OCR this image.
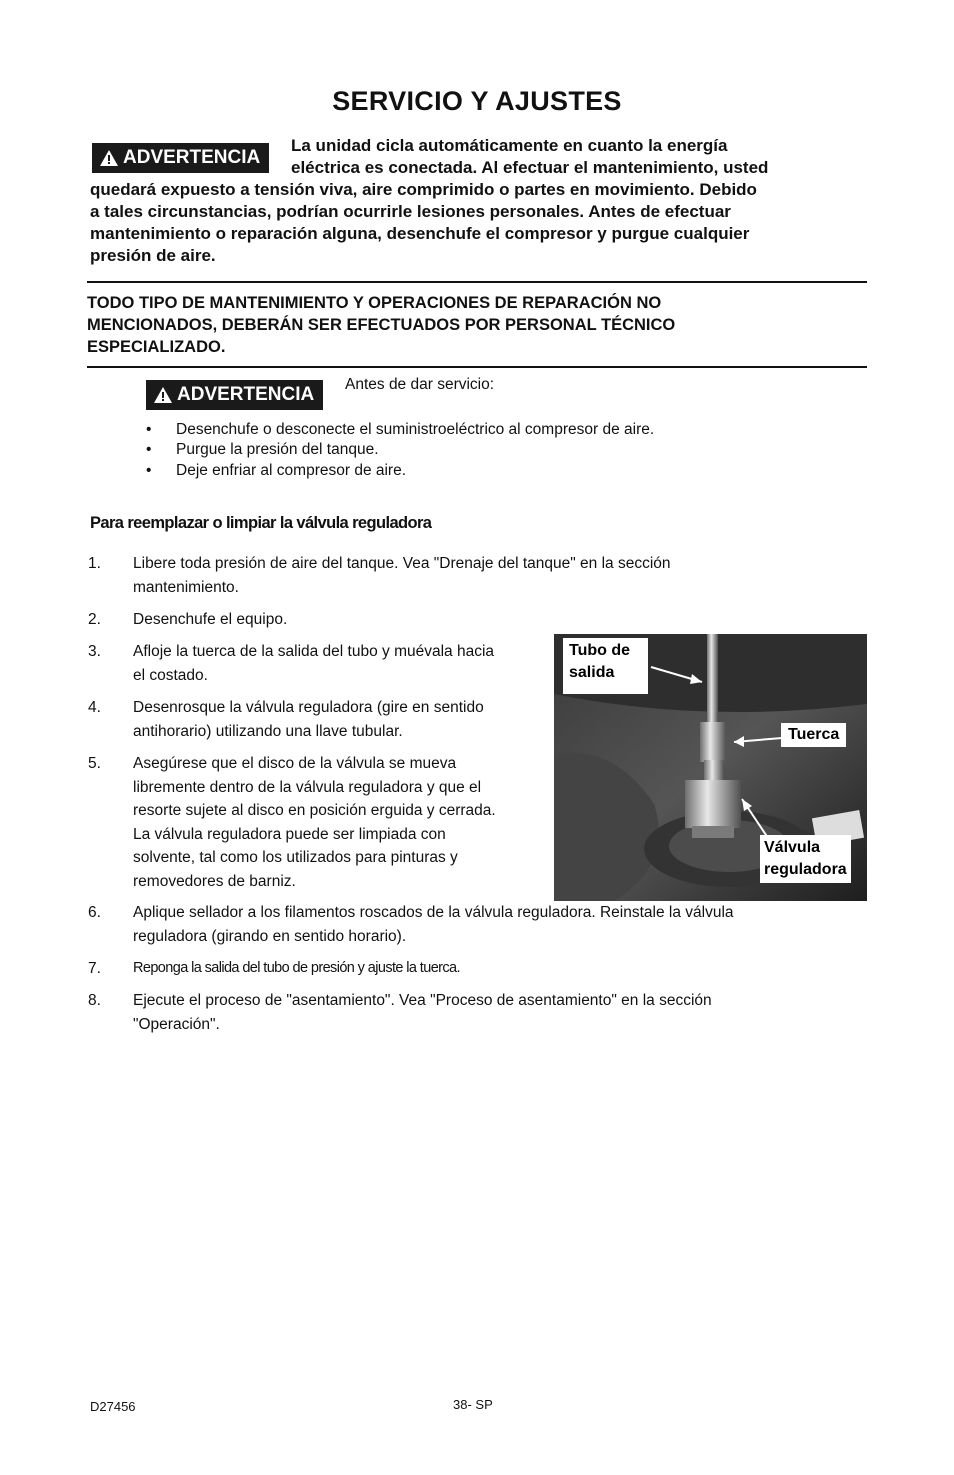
SERVICIO Y AJUSTES
ADVERTENCIA
La unidad cicla automáticamente en cuanto la energía
eléctrica es conectada. Al efectuar el mantenimiento, usted
quedará expuesto a tensión viva, aire comprimido o partes en movimiento. Debido
a tales circunstancias, podrían ocurrirle lesiones personales. Antes de efectuar
mantenimiento o reparación alguna, desenchufe el compresor y purgue cualquier
presión de aire.
TODO TIPO DE MANTENIMIENTO Y OPERACIONES DE REPARACIÓN NO
MENCIONADOS, DEBERÁN SER EFECTUADOS POR PERSONAL TÉCNICO
ESPECIALIZADO.
ADVERTENCIA Antes de dar servicio:
• Desenchufe o desconecte el suministroeléctrico al compresor de aire.
• Purgue la presión del tanque.
• Deje enfriar al compresor de aire.
Para reemplazar o limpiar la válvula reguladora
1. Libere toda presión de aire del tanque. Vea "Drenaje del tanque" en la sección
mantenimiento.
2. Desenchufe el equipo.
3. Afloje la tuerca de la salida del tubo y muévala hacia
el costado.
4. Desenrosque la válvula reguladora (gire en sentido
antihorario) utilizando una llave tubular.
5. Asegúrese que el disco de la válvula se mueva
libremente dentro de la válvula reguladora y que el
resorte sujete al disco en posición erguida y cerrada.
La válvula reguladora puede ser limpiada con
solvente, tal como los utilizados para pinturas y
removedores de barniz.
6. Aplique sellador a los filamentos roscados de la válvula reguladora. Reinstale la válvula
reguladora (girando en sentido horario).
7. Reponga la salida del tubo de presión y ajuste la tuerca.
8. Ejecute el proceso de "asentamiento". Vea "Proceso de asentamiento" en la sección
"Operación".
Tubo de
salida
Tuerca
Válvula
reguladora
D27456	38- SP
